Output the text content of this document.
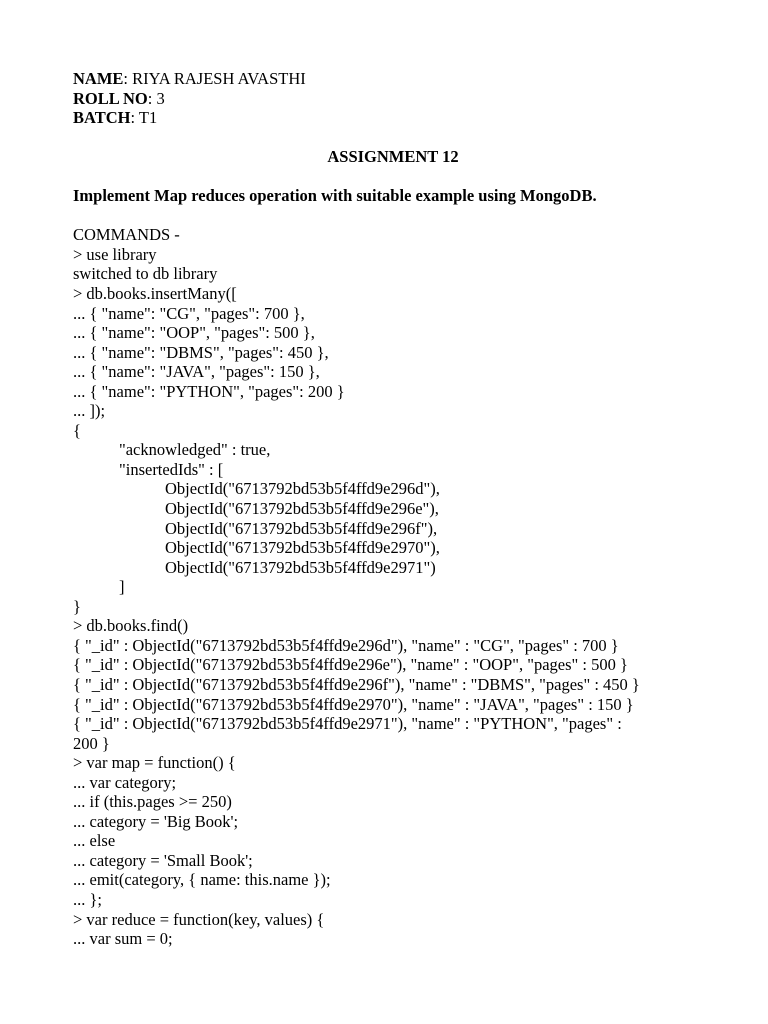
NAME: RIYA RAJESH AVASTHI
ROLL NO: 3
BATCH: T1
ASSIGNMENT 12
Implement Map reduces operation with suitable example using MongoDB.
COMMANDS -
> use library
switched to db library
> db.books.insertMany([
... { "name": "CG", "pages": 700 },
... { "name": "OOP", "pages": 500 },
... { "name": "DBMS", "pages": 450 },
... { "name": "JAVA", "pages": 150 },
... { "name": "PYTHON", "pages": 200 }
... ]);
{
"acknowledged" : true,
"insertedIds" : [
ObjectId("6713792bd53b5f4ffd9e296d"),
ObjectId("6713792bd53b5f4ffd9e296e"),
ObjectId("6713792bd53b5f4ffd9e296f"),
ObjectId("6713792bd53b5f4ffd9e2970"),
ObjectId("6713792bd53b5f4ffd9e2971")
]
}
> db.books.find()
{ "_id" : ObjectId("6713792bd53b5f4ffd9e296d"), "name" : "CG", "pages" : 700 }
{ "_id" : ObjectId("6713792bd53b5f4ffd9e296e"), "name" : "OOP", "pages" : 500 }
{ "_id" : ObjectId("6713792bd53b5f4ffd9e296f"), "name" : "DBMS", "pages" : 450 }
{ "_id" : ObjectId("6713792bd53b5f4ffd9e2970"), "name" : "JAVA", "pages" : 150 }
{ "_id" : ObjectId("6713792bd53b5f4ffd9e2971"), "name" : "PYTHON", "pages" :
200 }
> var map = function() {
... var category;
... if (this.pages >= 250)
... category = 'Big Book';
... else
... category = 'Small Book';
... emit(category, { name: this.name });
... };
> var reduce = function(key, values) {
... var sum = 0;
